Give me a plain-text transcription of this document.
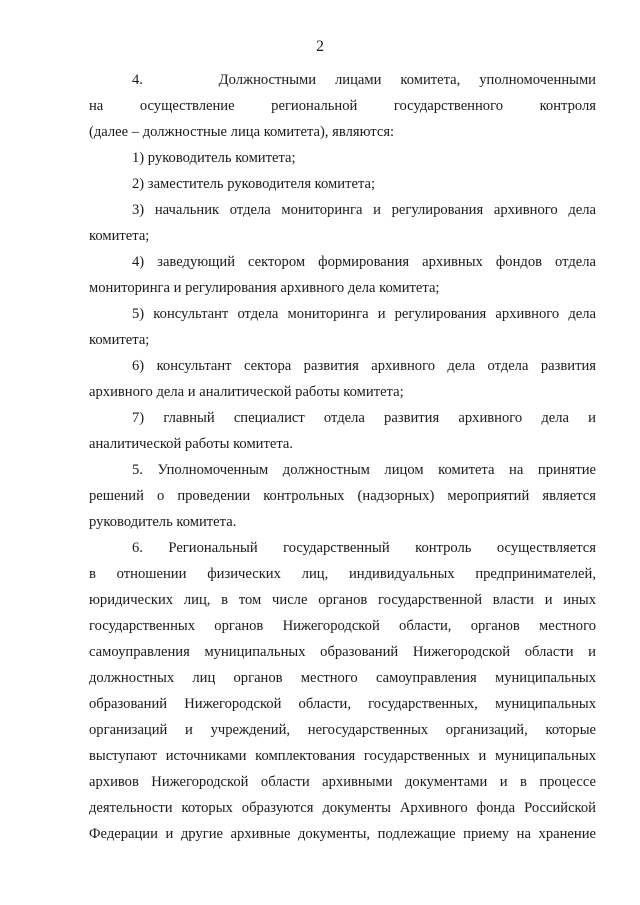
2
4.    Должностными лицами комитета, уполномоченными
на осуществление региональной государственного контроля
(далее – должностные лица комитета), являются:
1) руководитель комитета;
2) заместитель руководителя комитета;
3) начальник отдела мониторинга и регулирования архивного дела
комитета;
4) заведующий сектором формирования архивных фондов отдела
мониторинга и регулирования архивного дела комитета;
5) консультант отдела мониторинга и регулирования архивного дела
комитета;
6) консультант сектора развития архивного дела отдела развития
архивного дела и аналитической работы комитета;
7) главный специалист отдела развития архивного дела и
аналитической работы комитета.
5. Уполномоченным должностным лицом комитета на принятие
решений о проведении контрольных (надзорных) мероприятий является
руководитель комитета.
6. Региональный государственный контроль осуществляется
в отношении физических лиц, индивидуальных предпринимателей,
юридических лиц, в том числе органов государственной власти и иных
государственных органов Нижегородской области, органов местного
самоуправления муниципальных образований Нижегородской области и
должностных лиц органов местного самоуправления муниципальных
образований Нижегородской области, государственных, муниципальных
организаций и учреждений, негосударственных организаций, которые
выступают источниками комплектования государственных и муниципальных
архивов Нижегородской области архивными документами и в процессе
деятельности которых образуются документы Архивного фонда Российской
Федерации и другие архивные документы, подлежащие приему на хранение
